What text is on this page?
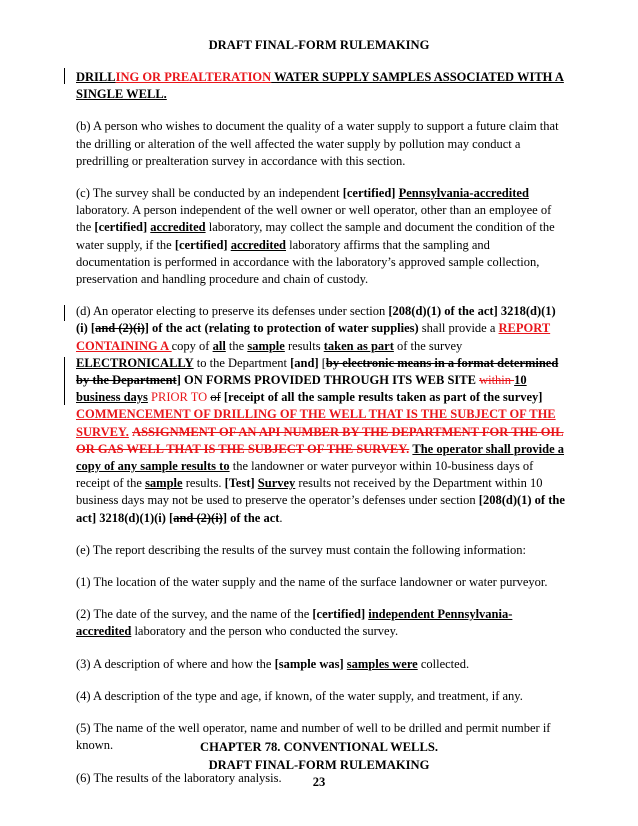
DRAFT FINAL-FORM RULEMAKING

DRILLING OR PREALTERATION WATER SUPPLY SAMPLES ASSOCIATED WITH A SINGLE WELL.

(b) A person who wishes to document the quality of a water supply to support a future claim that the drilling or alteration of the well affected the water supply by pollution may conduct a predrilling or prealteration survey in accordance with this section.

(c) The survey shall be conducted by an independent [certified] Pennsylvania-accredited laboratory. A person independent of the well owner or well operator, other than an employee of the [certified] accredited laboratory, may collect the sample and document the condition of the water supply, if the [certified] accredited laboratory affirms that the sampling and documentation is performed in accordance with the laboratory’s approved sample collection, preservation and handling procedure and chain of custody.

(d) An operator electing to preserve its defenses under section [208(d)(1) of the act] 3218(d)(1)(i) [and (2)(i)] of the act (relating to protection of water supplies) shall provide a REPORT CONTAINING A copy of all the sample results taken as part of the survey ELECTRONICALLY to the Department [and] [by electronic means in a format determined by the Department] ON FORMS PROVIDED THROUGH ITS WEB SITE within 10 business days PRIOR TO of [receipt of all the sample results taken as part of the survey] COMMENCEMENT OF DRILLING OF THE WELL THAT IS THE SUBJECT OF THE SURVEY. ASSIGNMENT OF AN API NUMBER BY THE DEPARTMENT FOR THE OIL OR GAS WELL THAT IS THE SUBJECT OF THE SURVEY. The operator shall provide a copy of any sample results to the landowner or water purveyor within 10-business days of receipt of the sample results. [Test] Survey results not received by the Department within 10 business days may not be used to preserve the operator’s defenses under section [208(d)(1) of the act] 3218(d)(1)(i) [and (2)(i)] of the act.

(e) The report describing the results of the survey must contain the following information:

(1) The location of the water supply and the name of the surface landowner or water purveyor.

(2) The date of the survey, and the name of the [certified] independent Pennsylvania-accredited laboratory and the person who conducted the survey.

(3) A description of where and how the [sample was] samples were collected.

(4) A description of the type and age, if known, of the water supply, and treatment, if any.

(5) The name of the well operator, name and number of well to be drilled and permit number if known.

(6) The results of the laboratory analysis.

CHAPTER 78. CONVENTIONAL WELLS.
DRAFT FINAL-FORM RULEMAKING
23
